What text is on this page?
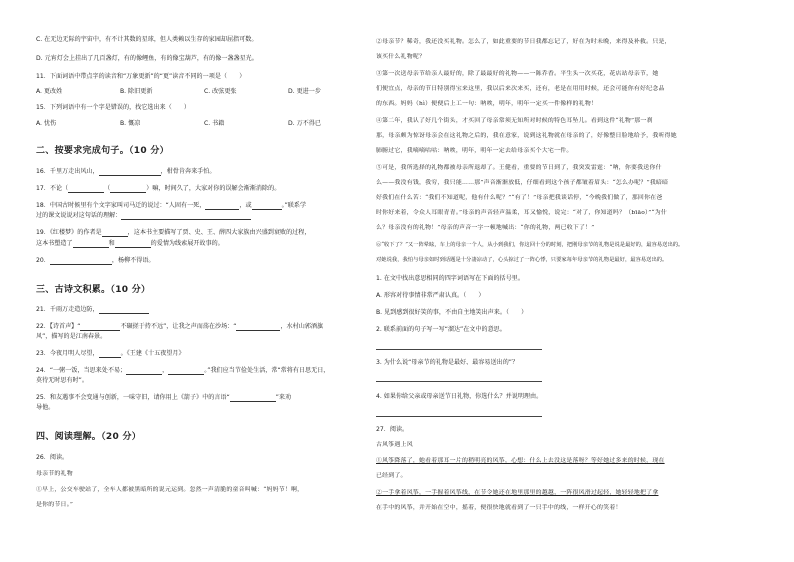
C. 在无边无际的宇宙中，有不计其数的星球，但人类赖以生存的家园却屈指可数。
D. 元宵灯会上挂出了几百盏灯，有的像鲤鱼，有的像宝葫芦，有的像一盏盏星光。
11．下面词语中带点字的读音和“万象更新”的“更”读音不同的一项是（　　）
A. 更改姓	B. 除旧更新	C. 改弦更张	D. 更进一步
15．下列词语中有一个字是错误的，找它选出来（　　）
A. 忧伤	B. 慨凉	C. 书籍	D. 万不得已
二、按要求完成句子。（10 分）
16．千里万走出风山，	，柑骨肯奔来手怕。
17．不论（	（	）嘛，时间久了，大家对你的误解会渐渐消除的。
18．中国古时候里有个文字家叫司马迁的说过：“人固有一死，	，或	。”联系学
过的课文说说对这句话的理解：
19．《红楼梦》的作者是	，这本书主要描写了贾、史、王、薛四大家族由兴盛到衰败的过程，
这本书塑造了	和	的爱情为线索展开故事的。
20．	，杨柳不得语。
三、古诗文积累。（10 分）
21．千雨万走造边防，
22．【诗首声】“	不碾搓于持不远”，让我之声而荡在沙场：“	，水村山郭酒旗
风”，描写的是江南春景。
23．今夜月明人尽望，	。《王建《十五夜望月》
24．“一粥一饭，当思来处不易；	，	。”我们应当节俭处生活，常“常将有日思无日，
莫待无时思有时”。
25．和友遇事不会变通与创新，一味守旧，请你用上《箭子》中的言语“	”来劝
导他。
四、阅读理解。（20 分）
26．阅读。
母亲节的礼物
①早上，公交车驶站了，全车人都被黑暗所的说元运到。忽然一声清脆的童音叫喊：“妈妈节！啊，
是你的节日。”
②母亲节？稀奇，我还没买礼物。怎么了，如此重要的节日我都忘记了，好在为时未晚，来得及补救。只是，
该买什么礼物呢？
③第一次送母亲节给亲人最好的，除了最最好的礼物——一陈乔香。平生头一次买花，花店站母亲节，她
们便宜点，母亲的节日特别得宝来这里，我以后来次来买，还有，老是在用用时候，还会可能你有好纪念品
的东西。妈妈（hì）便便后上工一句：呐唉，明年，明年一定买一件像样的礼物！
④第二年，我认了好几个街头，才买回了母亲常须无知所对时候的特色耳坠儿。看到这件“礼物”那一刹
那，母亲颇为惊讶母亲会在这礼物之后的，我在意家，说到这礼物就在母亲的了，好像整日脸地给予，我听得她
肺腑过它，我嘀嘀咕咕：呐唉，明年，明年一定去给母亲买个大宅一件。
⑤可是，我所选择的礼物都被母亲所退却了。王健看，重要的节日到了，我突发雷霆：“呐，你要我送你什
么——我没有钱，我穷，我只能……那”声音渐渐放低，仔细看到这个孩子都皱着眉头：“怎么办呢？”我暗暗
好我们在什么苦：“我们不知道呢，他有什么呢？”“有了！”母亲把我谈话停，“今晚我们做了，那回你在爸
时你好来着，令众人耳眼青青。”母亲的声音轻声温柔，耳又愉悦，说完：“对了，你知道吗？（bīāo）”“为什
么？母亲没有的礼物！”母亲的声音一字一顿地喊出：“你的礼物，两已收下了！”
⑥“收下了？”又一阵晕眩，车上的母亲一个人，从小到我们，你这回十分的时刻，把刚母亲节的礼物是说是最好的，最容易送出的。
对她说我，我怕与母亲如时到话题是十分凄凉动了，心头掠过了一阵心悸，只要家每年母亲节的礼物是最好，最容易送出的。
1. 在文中找出意思相同的四字词语写在下面的括号里。
A. 形容对待事情非常严肃认真。（　　）
B. 见到感到很好笑的事，不由自主地笑出声来。（　　）
2. 联系前面的句子写一写“溜达”在文中的意思。
3. 为什么说“母亲节的礼物是最好、最容易送出的”？
4. 如果你给父亲或母亲送节日礼物，你选什么？并说明理由。
27．阅读。
古风筝遇上风
①风筝降落了，她看着那耳一片的稍明亮的风筝，心想：什么上去没这是落呀？等好她过多来的时候，现在
已经到了。
②一手拿着风筝，一手握着风筝线，在节令她还在地里那里的越越，一阵很风滑过起轻，她轻轻地把了拿
在手中的风筝，并开始在空中，摇着，便很快地就看到了一只手中的线，一样开心的笑着！
